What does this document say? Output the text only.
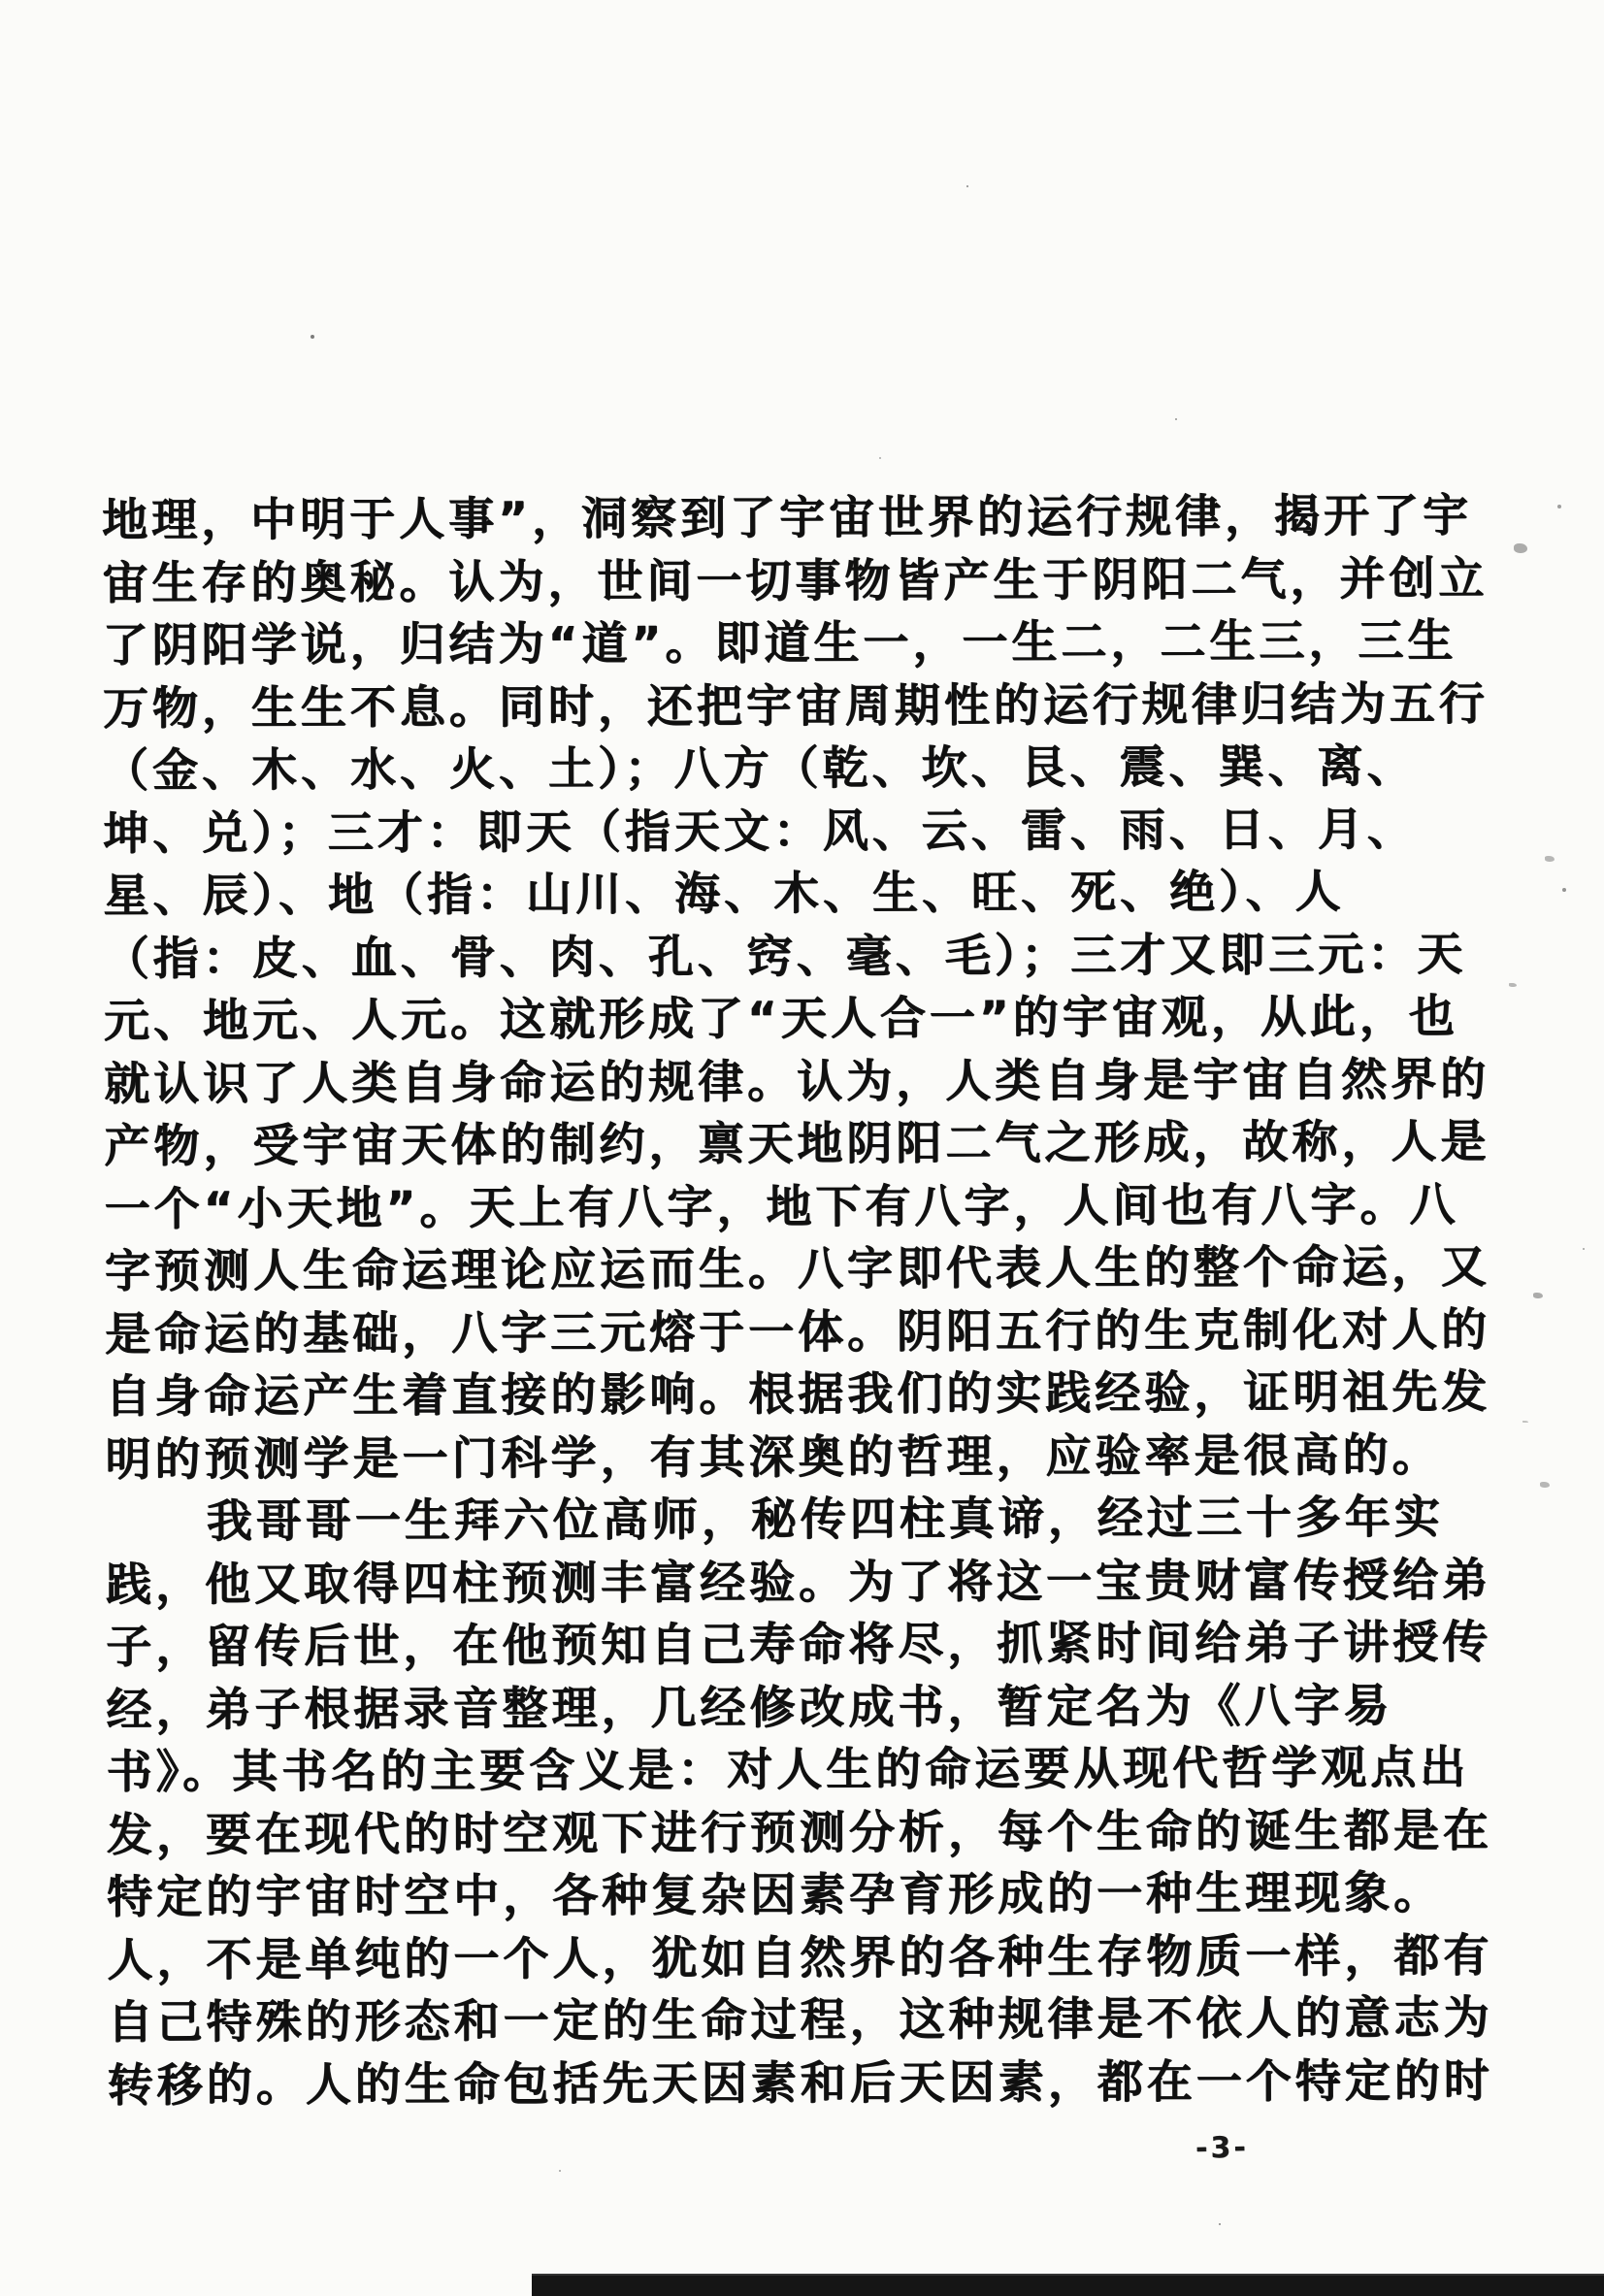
地理，中明于人事”，洞察到了宇宙世界的运行规律，揭开了宇
宙生存的奥秘。认为，世间一切事物皆产生于阴阳二气，并创立
了阴阳学说，归结为“道”。即道生一，一生二，二生三，三生
万物，生生不息。同时，还把宇宙周期性的运行规律归结为五行
（金、木、水、火、土）；八方（乾、坎、艮、震、巽、离、
坤、兑）；三才：即天（指天文：风、云、雷、雨、日、月、
星、辰）、地（指：山川、海、木、生、旺、死、绝）、人
（指：皮、血、骨、肉、孔、窍、毫、毛）；三才又即三元：天
元、地元、人元。这就形成了“天人合一”的宇宙观，从此，也
就认识了人类自身命运的规律。认为，人类自身是宇宙自然界的
产物，受宇宙天体的制约，禀天地阴阳二气之形成，故称，人是
一个“小天地”。天上有八字，地下有八字，人间也有八字。八
字预测人生命运理论应运而生。八字即代表人生的整个命运，又
是命运的基础，八字三元熔于一体。阴阳五行的生克制化对人的
自身命运产生着直接的影响。根据我们的实践经验，证明祖先发
明的预测学是一门科学，有其深奥的哲理，应验率是很高的。
我哥哥一生拜六位高师，秘传四柱真谛，经过三十多年实
践，他又取得四柱预测丰富经验。为了将这一宝贵财富传授给弟
子，留传后世，在他预知自己寿命将尽，抓紧时间给弟子讲授传
经，弟子根据录音整理，几经修改成书，暂定名为《八字易
书》。其书名的主要含义是：对人生的命运要从现代哲学观点出
发，要在现代的时空观下进行预测分析，每个生命的诞生都是在
特定的宇宙时空中，各种复杂因素孕育形成的一种生理现象。
人，不是单纯的一个人，犹如自然界的各种生存物质一样，都有
自己特殊的形态和一定的生命过程，这种规律是不依人的意志为
转移的。人的生命包括先天因素和后天因素，都在一个特定的时
-3-
